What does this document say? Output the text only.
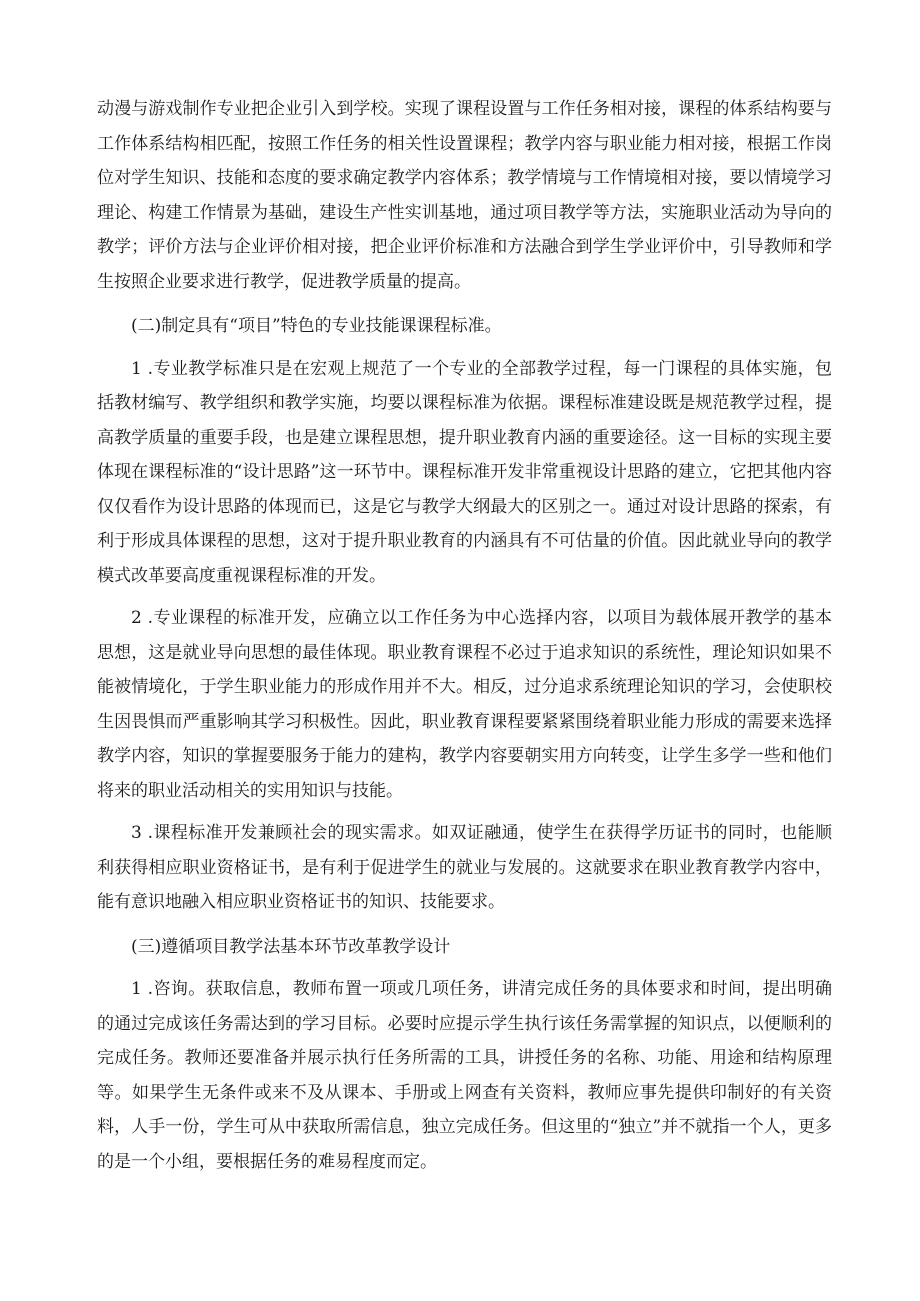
动漫与游戏制作专业把企业引入到学校。实现了课程设置与工作任务相对接，课程的体系结构要与工作体系结构相匹配，按照工作任务的相关性设置课程；教学内容与职业能力相对接，根据工作岗位对学生知识、技能和态度的要求确定教学内容体系；教学情境与工作情境相对接，要以情境学习理论、构建工作情景为基础，建设生产性实训基地，通过项目教学等方法，实施职业活动为导向的教学；评价方法与企业评价相对接，把企业评价标准和方法融合到学生学业评价中，引导教师和学生按照企业要求进行教学，促进教学质量的提高。

(二)制定具有“项目”特色的专业技能课课程标准。

1 .专业教学标准只是在宏观上规范了一个专业的全部教学过程，每一门课程的具体实施，包括教材编写、教学组织和教学实施，均要以课程标准为依据。课程标准建设既是规范教学过程，提高教学质量的重要手段，也是建立课程思想，提升职业教育内涵的重要途径。这一目标的实现主要体现在课程标准的“设计思路”这一环节中。课程标准开发非常重视设计思路的建立，它把其他内容仅仅看作为设计思路的体现而已，这是它与教学大纲最大的区别之一。通过对设计思路的探索，有利于形成具体课程的思想，这对于提升职业教育的内涵具有不可估量的价值。因此就业导向的教学模式改革要高度重视课程标准的开发。

2 .专业课程的标准开发，应确立以工作任务为中心选择内容，以项目为载体展开教学的基本思想，这是就业导向思想的最佳体现。职业教育课程不必过于追求知识的系统性，理论知识如果不能被情境化，于学生职业能力的形成作用并不大。相反，过分追求系统理论知识的学习，会使职校生因畏惧而严重影响其学习积极性。因此，职业教育课程要紧紧围绕着职业能力形成的需要来选择教学内容，知识的掌握要服务于能力的建构，教学内容要朝实用方向转变，让学生多学一些和他们将来的职业活动相关的实用知识与技能。

3 .课程标准开发兼顾社会的现实需求。如双证融通，使学生在获得学历证书的同时，也能顺利获得相应职业资格证书，是有利于促进学生的就业与发展的。这就要求在职业教育教学内容中，能有意识地融入相应职业资格证书的知识、技能要求。

(三)遵循项目教学法基本环节改革教学设计

1 .咨询。获取信息，教师布置一项或几项任务，讲清完成任务的具体要求和时间，提出明确的通过完成该任务需达到的学习目标。必要时应提示学生执行该任务需掌握的知识点，以便顺利的完成任务。教师还要准备并展示执行任务所需的工具，讲授任务的名称、功能、用途和结构原理等。如果学生无条件或来不及从课本、手册或上网查有关资料，教师应事先提供印制好的有关资料，人手一份，学生可从中获取所需信息，独立完成任务。但这里的“独立”并不就指一个人，更多的是一个小组，要根据任务的难易程度而定。
